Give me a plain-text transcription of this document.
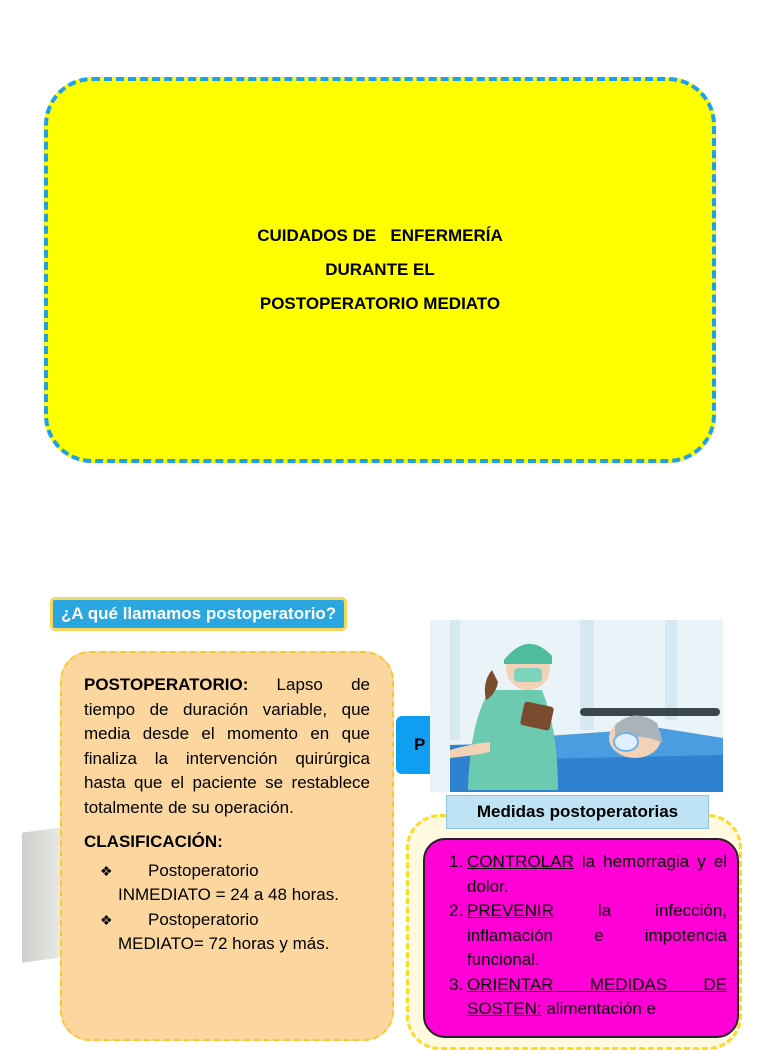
CUIDADOS DE   ENFERMERÍA
DURANTE EL
POSTOPERATORIO MEDIATO
¿A qué llamamos postoperatorio?

POSTOPERATORIO: Lapso de tiempo de duración variable, que media desde el momento en que finaliza la intervención quirúrgica hasta que el paciente se restablece totalmente de su operación.

CLASIFICACIÓN:
❖	Postoperatorio
INMEDIATO = 24 a 48 horas.
❖	Postoperatorio
MEDIATO= 72 horas y más.
P
Medidas postoperatorias
1. CONTROLAR la hemorragia y el dolor.
2. PREVENIR la infección, inflamación e impotencia funcional.
3. ORIENTAR MEDIDAS DE SOSTEN: alimentación e
